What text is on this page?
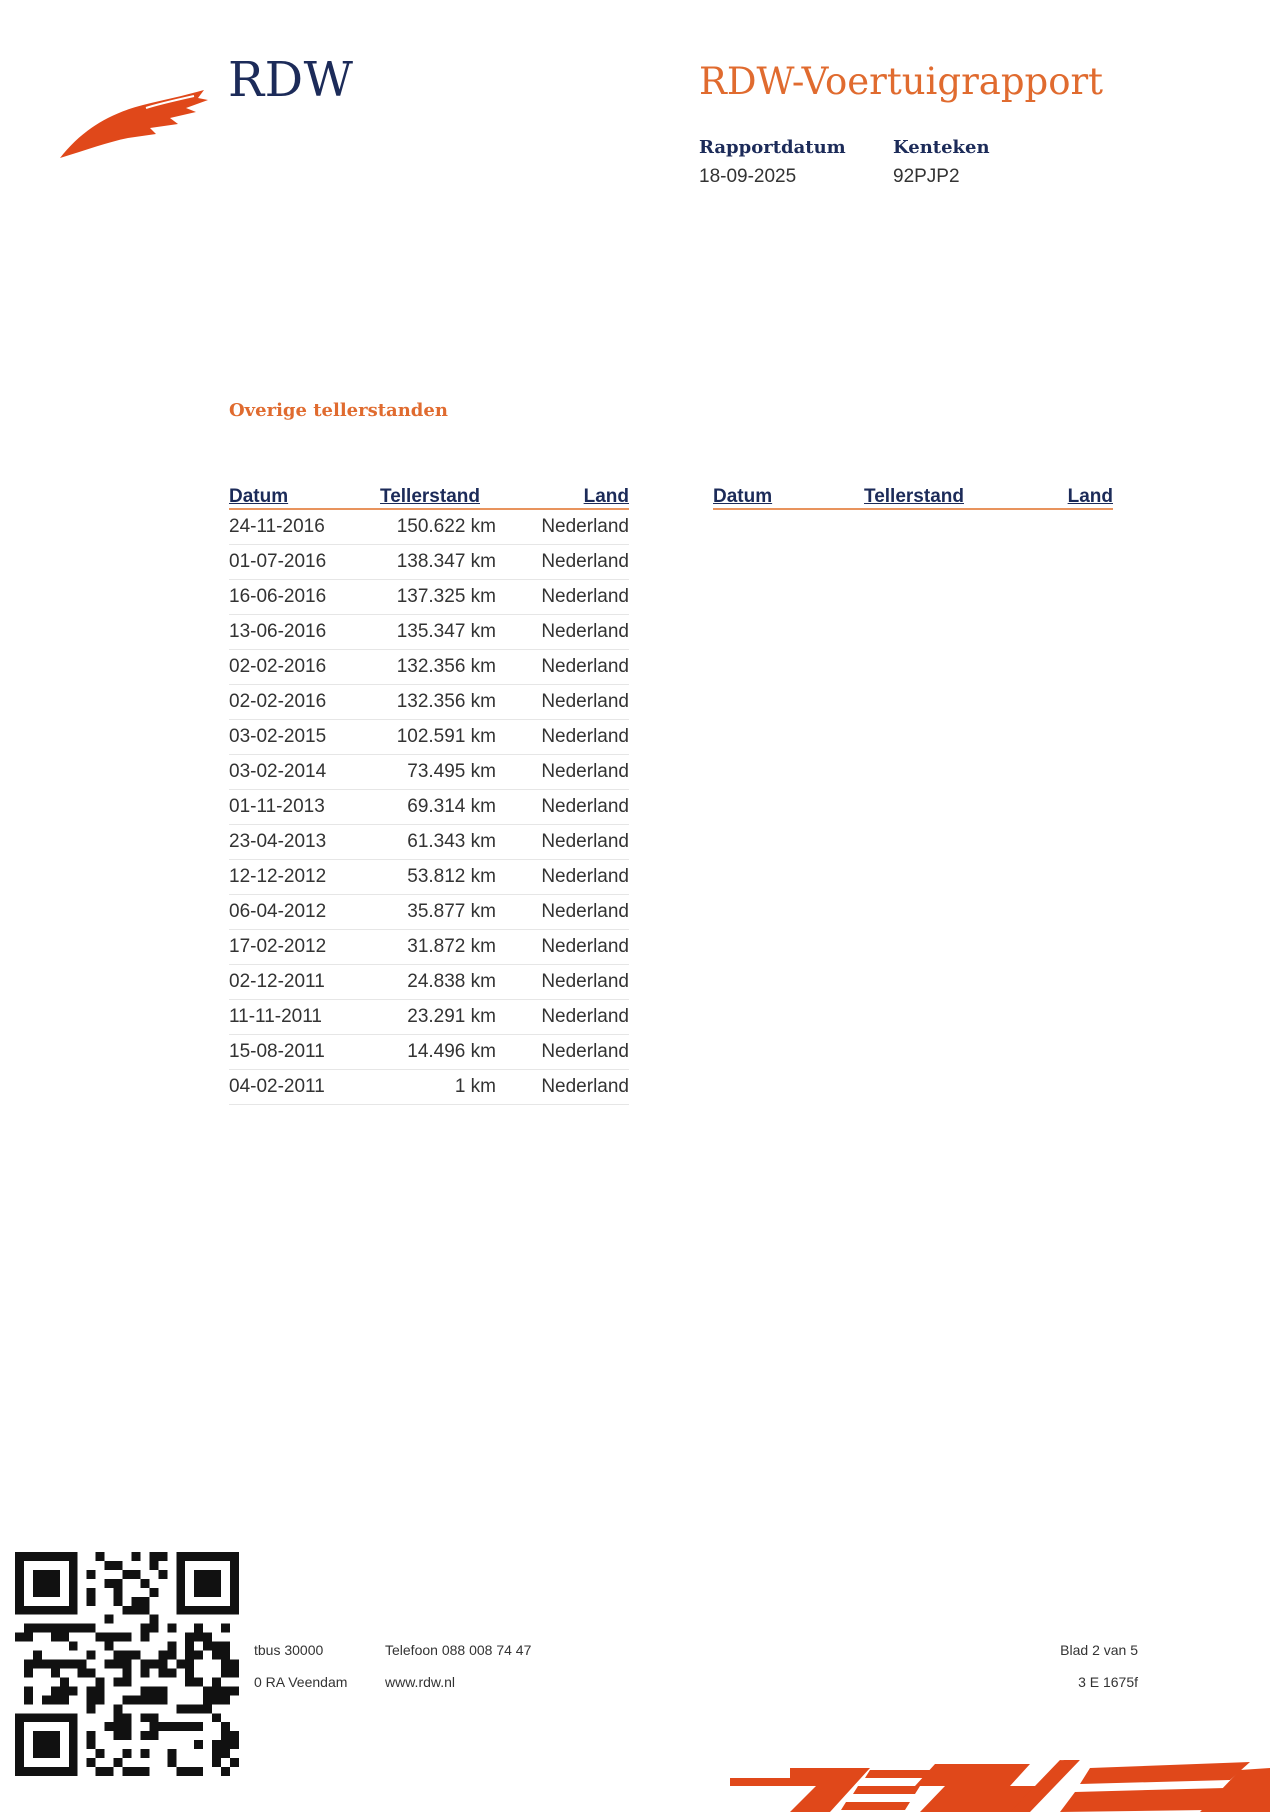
RDW	RDW-Voertuigrapport
Rapportdatum
18-09-2025
Kenteken
92PJP2
Overige tellerstanden
Datum	Tellerstand	Land
24-11-2016	150.622 km	Nederland
01-07-2016	138.347 km	Nederland
16-06-2016	137.325 km	Nederland
13-06-2016	135.347 km	Nederland
02-02-2016	132.356 km	Nederland
02-02-2016	132.356 km	Nederland
03-02-2015	102.591 km	Nederland
03-02-2014	73.495 km	Nederland
01-11-2013	69.314 km	Nederland
23-04-2013	61.343 km	Nederland
12-12-2012	53.812 km	Nederland
06-04-2012	35.877 km	Nederland
17-02-2012	31.872 km	Nederland
02-12-2011	24.838 km	Nederland
11-11-2011	23.291 km	Nederland
15-08-2011	14.496 km	Nederland
04-02-2011	1 km	Nederland
Datum	Tellerstand	Land
tbus 30000
0 RA Veendam
Telefoon 088 008 74 47
www.rdw.nl
Blad 2 van 5
3 E 1675f
mobilox
